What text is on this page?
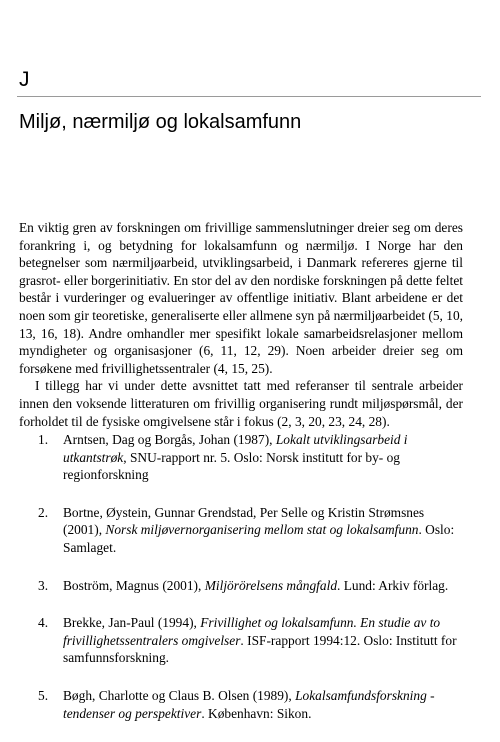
J
Miljø, nærmiljø og lokalsamfunn

En viktig gren av forskningen om frivillige sammenslutninger dreier seg om deres forankring i, og betydning for lokalsamfunn og nærmiljø. I Norge har den betegnelser som nærmiljøarbeid, utviklingsarbeid, i Danmark refereres gjerne til grasrot- eller borgerinitiativ. En stor del av den nordiske forskningen på dette feltet består i vurderinger og evalueringer av offentlige initiativ. Blant arbeidene er det noen som gir teoretiske, generaliserte eller allmene syn på nærmiljøarbeidet (5, 10, 13, 16, 18). Andre omhandler mer spesifikt lokale samarbeidsrelasjoner mellom myndigheter og organisasjoner (6, 11, 12, 29). Noen arbeider dreier seg om forsøkene med frivillighetssentraler (4, 15, 25).

I tillegg har vi under dette avsnittet tatt med referanser til sentrale arbeider innen den voksende litteraturen om frivillig organisering rundt miljøspørsmål, der forholdet til de fysiske omgivelsene står i fokus (2, 3, 20, 23, 24, 28).

1. Arntsen, Dag og Borgås, Johan (1987), Lokalt utviklingsarbeid i utkantstrøk, SNU-rapport nr. 5. Oslo: Norsk institutt for by- og regionforskning
2. Bortne, Øystein, Gunnar Grendstad, Per Selle og Kristin Strømsnes (2001), Norsk miljøvernorganisering mellom stat og lokalsamfunn. Oslo: Samlaget.
3. Boström, Magnus (2001), Miljörörelsens mångfald. Lund: Arkiv förlag.
4. Brekke, Jan-Paul (1994), Frivillighet og lokalsamfunn. En studie av to frivillighetssentralers omgivelser. ISF-rapport 1994:12. Oslo: Institutt for samfunnsforskning.
5. Bøgh, Charlotte og Claus B. Olsen (1989), Lokalsamfundsforskning - tendenser og perspektiver. København: Sikon.
